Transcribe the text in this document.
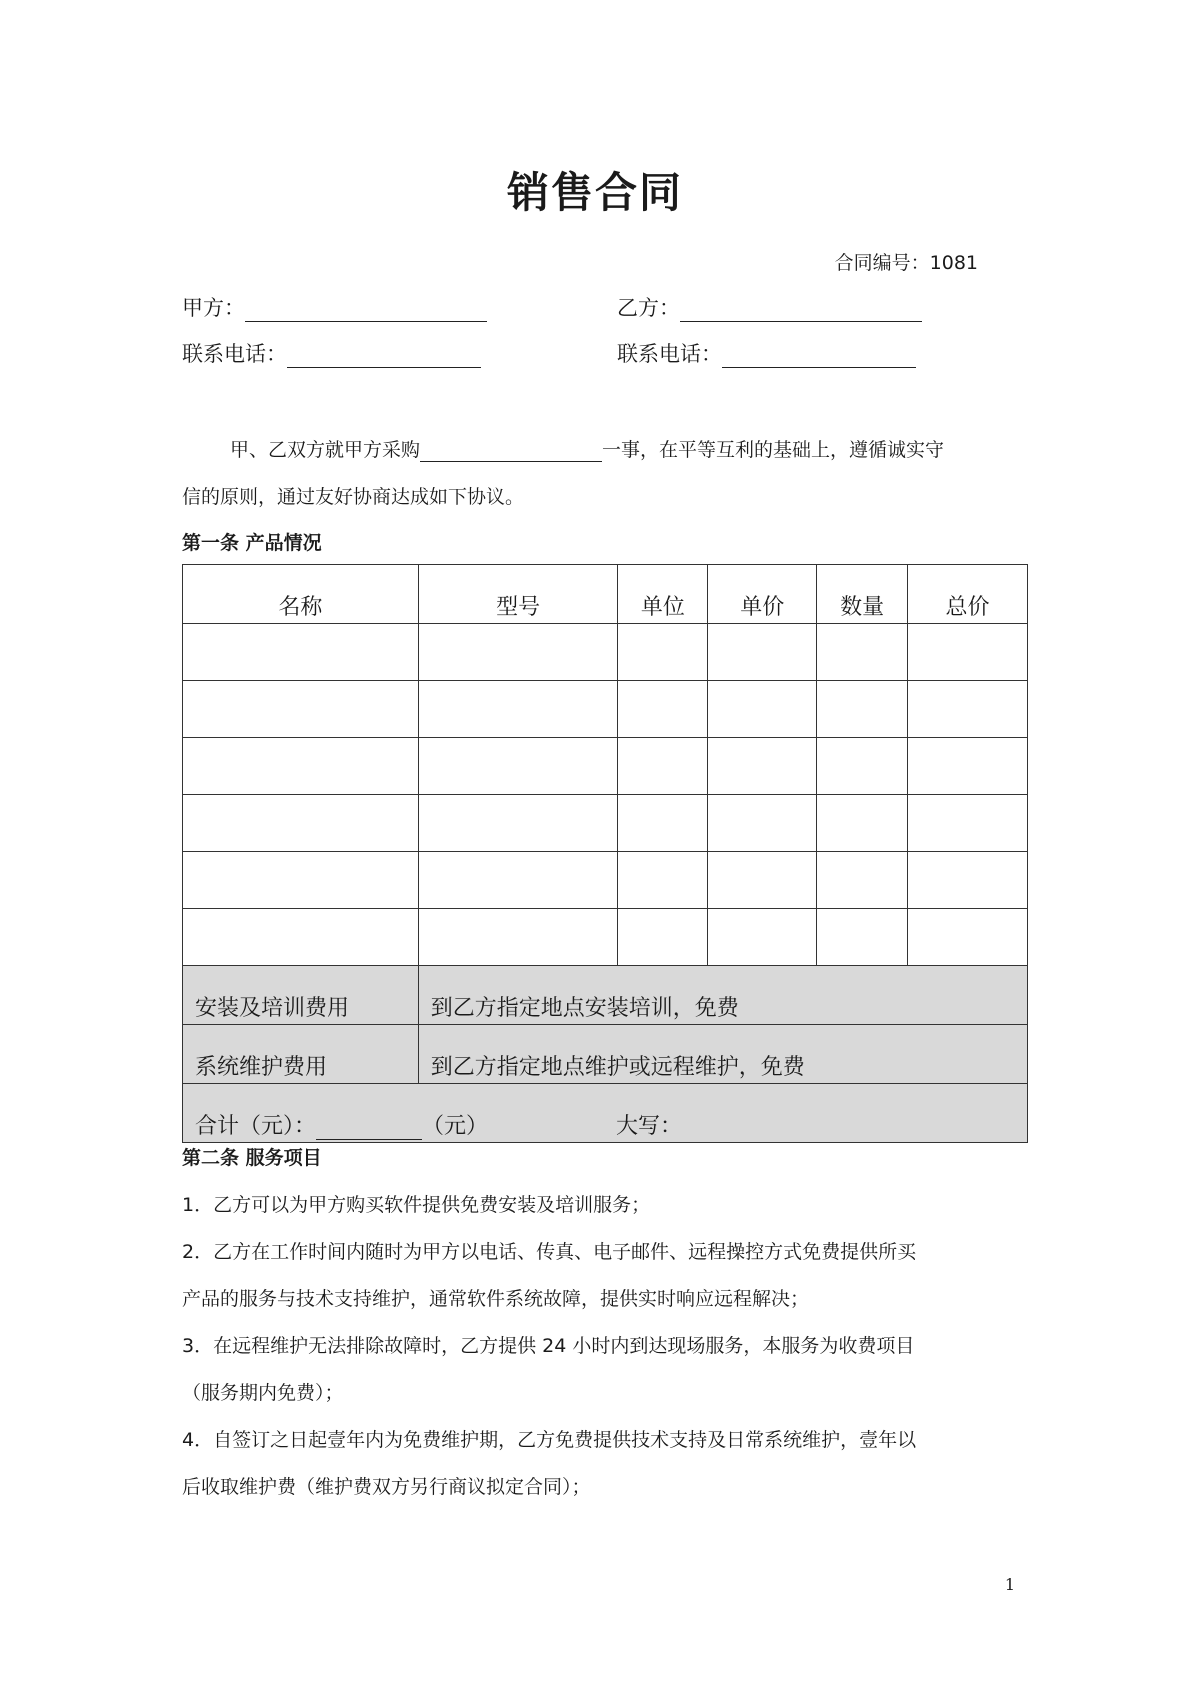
销售合同
合同编号：1081
甲方：	乙方：
联系电话：	联系电话：
甲、乙双方就甲方采购	一事，在平等互利的基础上，遵循诚实守
信的原则，通过友好协商达成如下协议。
第一条 产品情况
名称	型号	单位	单价	数量	总价

安装及培训费用	到乙方指定地点安装培训，免费				
系统维护费用	到乙方指定地点维护或远程维护，免费				
合计（元）： （元） 大写：					
第二条 服务项目
1．乙方可以为甲方购买软件提供免费安装及培训服务；
2．乙方在工作时间内随时为甲方以电话、传真、电子邮件、远程操控方式免费提供所买
产品的服务与技术支持维护，通常软件系统故障，提供实时响应远程解决；
3．在远程维护无法排除故障时，乙方提供 24 小时内到达现场服务，本服务为收费项目
（服务期内免费）；
4．自签订之日起壹年内为免费维护期，乙方免费提供技术支持及日常系统维护，壹年以
后收取维护费（维护费双方另行商议拟定合同）；
1
